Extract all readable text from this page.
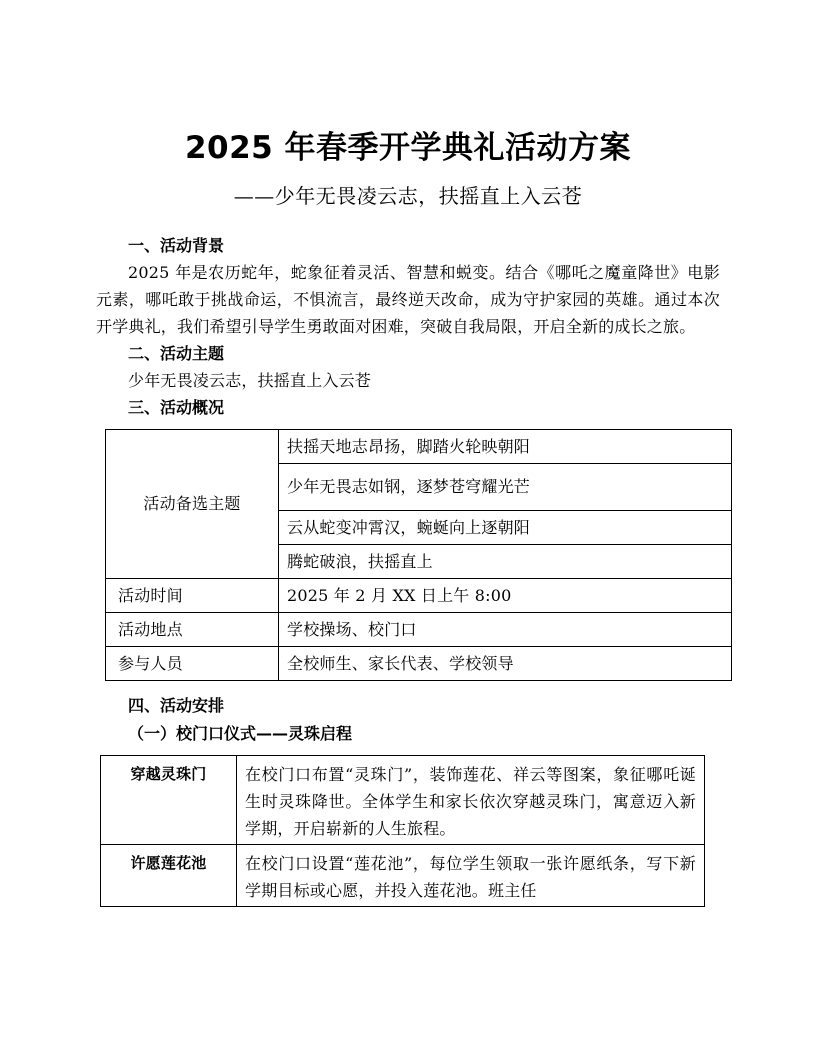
2025 年春季开学典礼活动方案

——少年无畏凌云志，扶摇直上入云苍

一、活动背景

2025 年是农历蛇年，蛇象征着灵活、智慧和蜕变。结合《哪吒之魔童降世》电影元素，哪吒敢于挑战命运，不惧流言，最终逆天改命，成为守护家园的英雄。通过本次开学典礼，我们希望引导学生勇敢面对困难，突破自我局限，开启全新的成长之旅。

二、活动主题

少年无畏凌云志，扶摇直上入云苍

三、活动概况

活动备选主题	扶摇天地志昂扬，脚踏火轮映朝阳
	少年无畏志如钢，逐梦苍穹耀光芒
	云从蛇变冲霄汉，蜿蜒向上逐朝阳
	腾蛇破浪，扶摇直上
活动时间	2025 年 2 月 XX 日上午 8:00
活动地点	学校操场、校门口
参与人员	全校师生、家长代表、学校领导

四、活动安排

（一）校门口仪式——灵珠启程

穿越灵珠门	在校门口布置“灵珠门”，装饰莲花、祥云等图案，象征哪吒诞生时灵珠降世。全体学生和家长依次穿越灵珠门，寓意迈入新学期，开启崭新的人生旅程。
许愿莲花池	在校门口设置“莲花池”，每位学生领取一张许愿纸条，写下新学期目标或心愿，并投入莲花池。班主任
